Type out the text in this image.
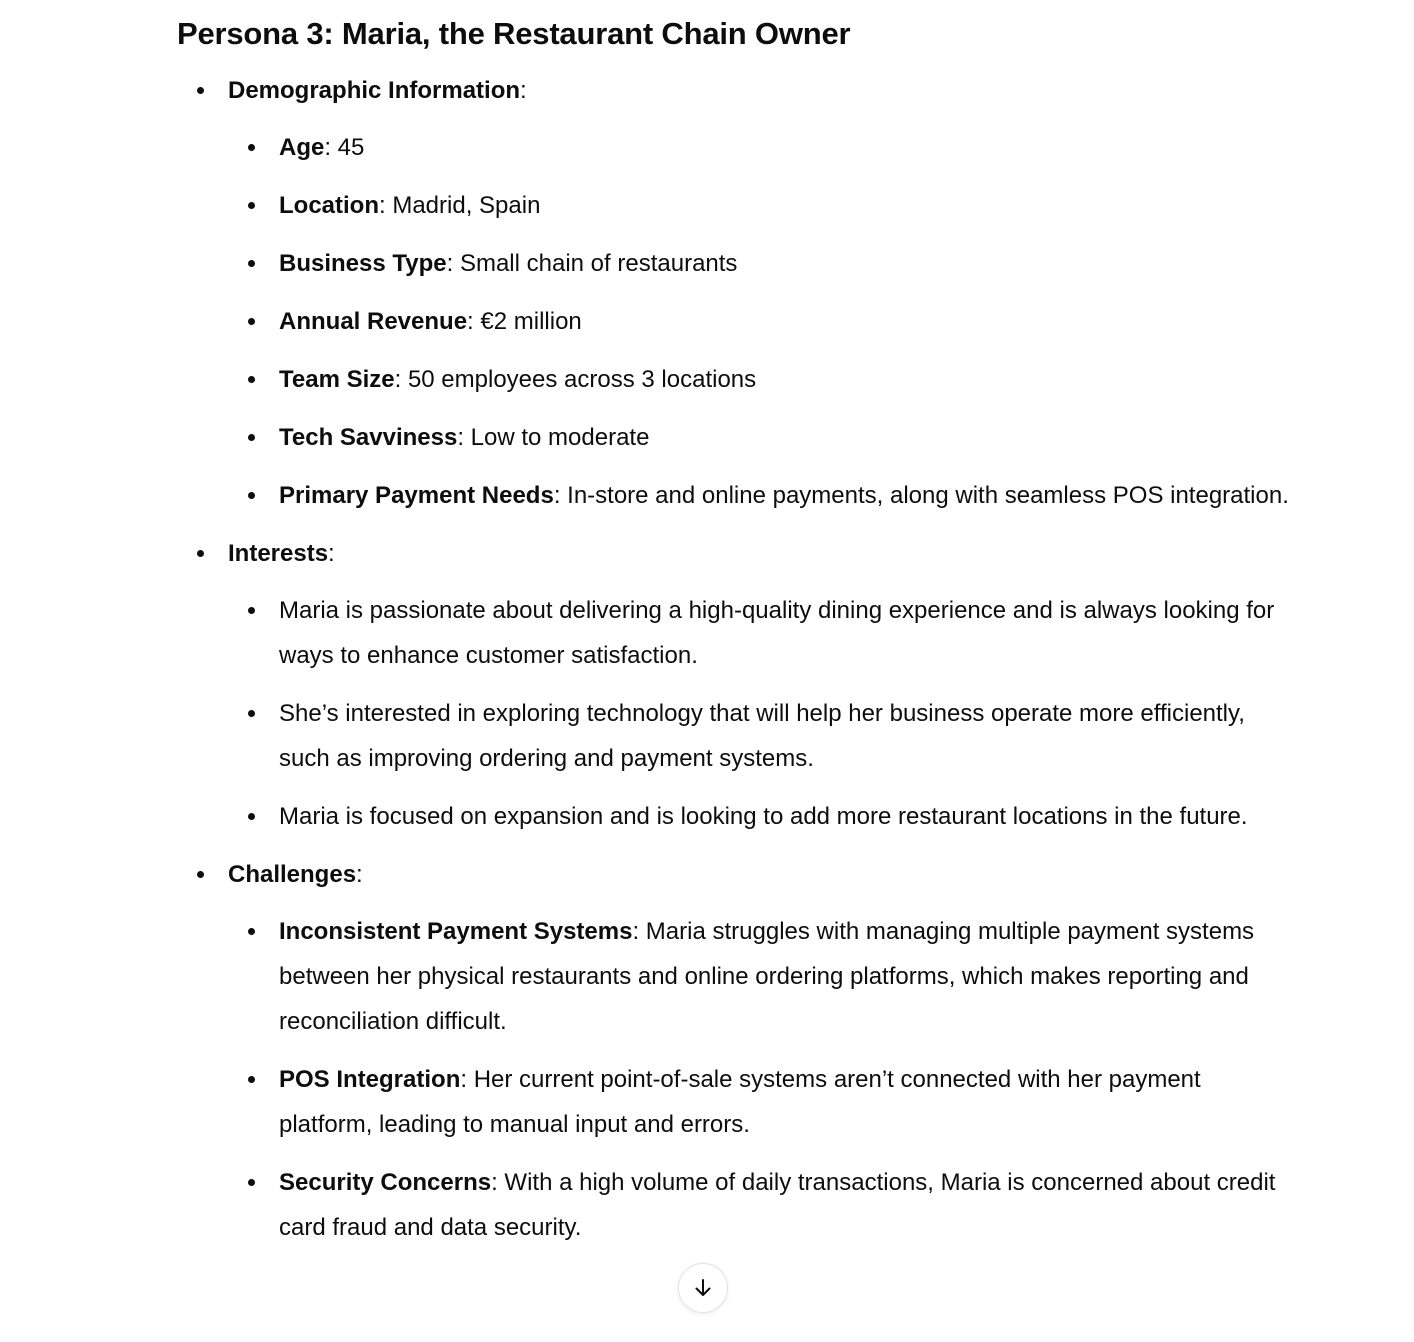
Persona 3: Maria, the Restaurant Chain Owner
Demographic Information:
Age: 45
Location: Madrid, Spain
Business Type: Small chain of restaurants
Annual Revenue: €2 million
Team Size: 50 employees across 3 locations
Tech Savviness: Low to moderate
Primary Payment Needs: In-store and online payments, along with seamless POS integration.
Interests:
Maria is passionate about delivering a high-quality dining experience and is always looking for ways to enhance customer satisfaction.
She’s interested in exploring technology that will help her business operate more efficiently, such as improving ordering and payment systems.
Maria is focused on expansion and is looking to add more restaurant locations in the future.
Challenges:
Inconsistent Payment Systems: Maria struggles with managing multiple payment systems between her physical restaurants and online ordering platforms, which makes reporting and reconciliation difficult.
POS Integration: Her current point-of-sale systems aren’t connected with her payment platform, leading to manual input and errors.
Security Concerns: With a high volume of daily transactions, Maria is concerned about credit card fraud and data security.
